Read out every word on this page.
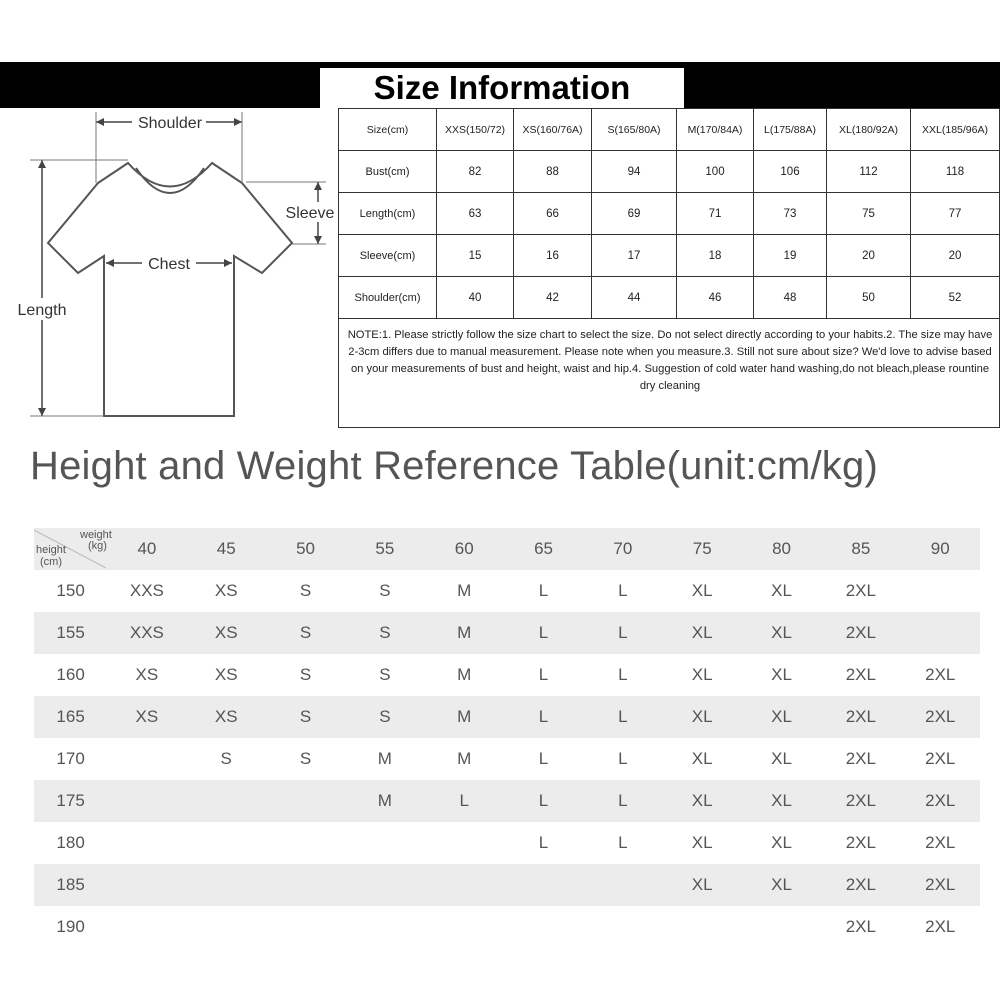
Size Information
Shoulder
Sleeve
Chest
Length
Size(cm)	XXS(150/72)	XS(160/76A)	S(165/80A)	M(170/84A)	L(175/88A)	XL(180/92A)	XXL(185/96A)
Bust(cm)	82	88	94	100	106	112	118
Length(cm)	63	66	69	71	73	75	77
Sleeve(cm)	15	16	17	18	19	20	20
Shoulder(cm)	40	42	44	46	48	50	52
NOTE:1. Please strictly follow the size chart to select the size. Do not select directly according to your habits.2. The size may have 2-3cm differs due to manual measurement. Please note when you measure.3. Still not sure about size? We'd love to advise based on your measurements of bust and height, waist and hip.4. Suggestion of cold water hand washing,do not bleach,please rountine dry cleaning							
Height and Weight Reference Table(unit:cm/kg)
weight
(kg)
height
(cm)	40	45	50	55	60	65	70	75	80	85	90
150	XXS	XS	S	S	M	L	L	XL	XL	2XL	
155	XXS	XS	S	S	M	L	L	XL	XL	2XL	
160	XS	XS	S	S	M	L	L	XL	XL	2XL	2XL
165	XS	XS	S	S	M	L	L	XL	XL	2XL	2XL
170		S	S	M	M	L	L	XL	XL	2XL	2XL
175				M	L	L	L	XL	XL	2XL	2XL
180						L	L	XL	XL	2XL	2XL
185								XL	XL	2XL	2XL
190										2XL	2XL
